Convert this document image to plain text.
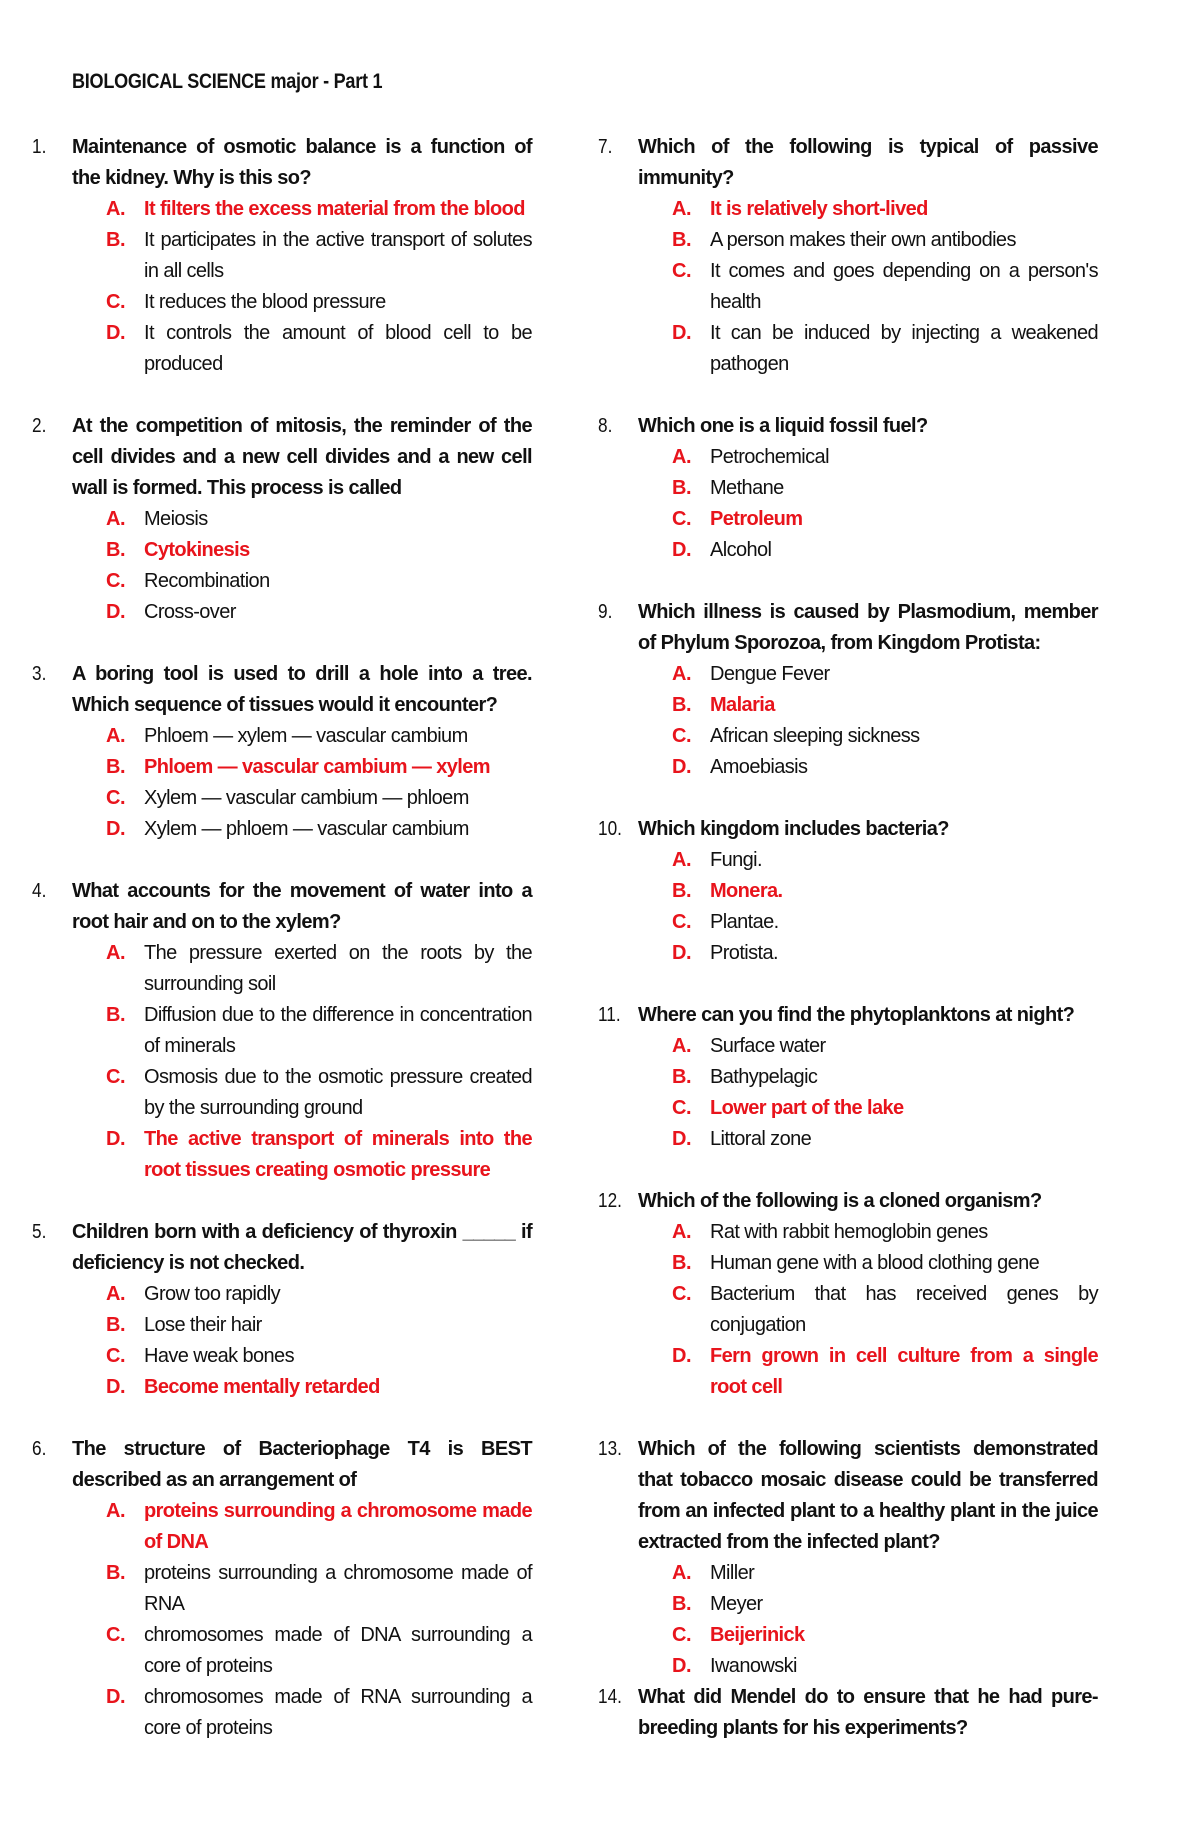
BIOLOGICAL SCIENCE major - Part 1
1.	Maintenance of osmotic balance is a function of the kidney. Why is this so?
A. It filters the excess material from the blood
B. It participates in the active transport of solutes in all cells
C. It reduces the blood pressure
D. It controls the amount of blood cell to be produced
2.	At the competition of mitosis, the reminder of the cell divides and a new cell divides and a new cell wall is formed. This process is called
A. Meiosis
B. Cytokinesis
C. Recombination
D. Cross-over
3.	A boring tool is used to drill a hole into a tree. Which sequence of tissues would it encounter?
A. Phloem — xylem — vascular cambium
B. Phloem — vascular cambium — xylem
C. Xylem — vascular cambium — phloem
D. Xylem — phloem — vascular cambium
4.	What accounts for the movement of water into a root hair and on to the xylem?
A. The pressure exerted on the roots by the surrounding soil
B. Diffusion due to the difference in concentration of minerals
C. Osmosis due to the osmotic pressure created by the surrounding ground
D. The active transport of minerals into the root tissues creating osmotic pressure
5.	Children born with a deficiency of thyroxin _____ if deficiency is not checked.
A. Grow too rapidly
B. Lose their hair
C. Have weak bones
D. Become mentally retarded
6.	The structure of Bacteriophage T4 is BEST described as an arrangement of
A. proteins surrounding a chromosome made of DNA
B. proteins surrounding a chromosome made of RNA
C. chromosomes made of DNA surrounding a core of proteins
D. chromosomes made of RNA surrounding a core of proteins
7.	Which of the following is typical of passive immunity?
A. It is relatively short-lived
B. A person makes their own antibodies
C. It comes and goes depending on a person's health
D. It can be induced by injecting a weakened pathogen
8.	Which one is a liquid fossil fuel?
A. Petrochemical
B. Methane
C. Petroleum
D. Alcohol
9.	Which illness is caused by Plasmodium, member of Phylum Sporozoa, from Kingdom Protista:
A. Dengue Fever
B. Malaria
C. African sleeping sickness
D. Amoebiasis
10. Which kingdom includes bacteria?
A. Fungi.
B. Monera.
C. Plantae.
D. Protista.
11. Where can you find the phytoplanktons at night?
A. Surface water
B. Bathypelagic
C. Lower part of the lake
D. Littoral zone
12. Which of the following is a cloned organism?
A. Rat with rabbit hemoglobin genes
B. Human gene with a blood clothing gene
C. Bacterium that has received genes by conjugation
D. Fern grown in cell culture from a single root cell
13. Which of the following scientists demonstrated that tobacco mosaic disease could be transferred from an infected plant to a healthy plant in the juice extracted from the infected plant?
A. Miller
B. Meyer
C. Beijerinick
D. Iwanowski
14. What did Mendel do to ensure that he had pure-breeding plants for his experiments?
